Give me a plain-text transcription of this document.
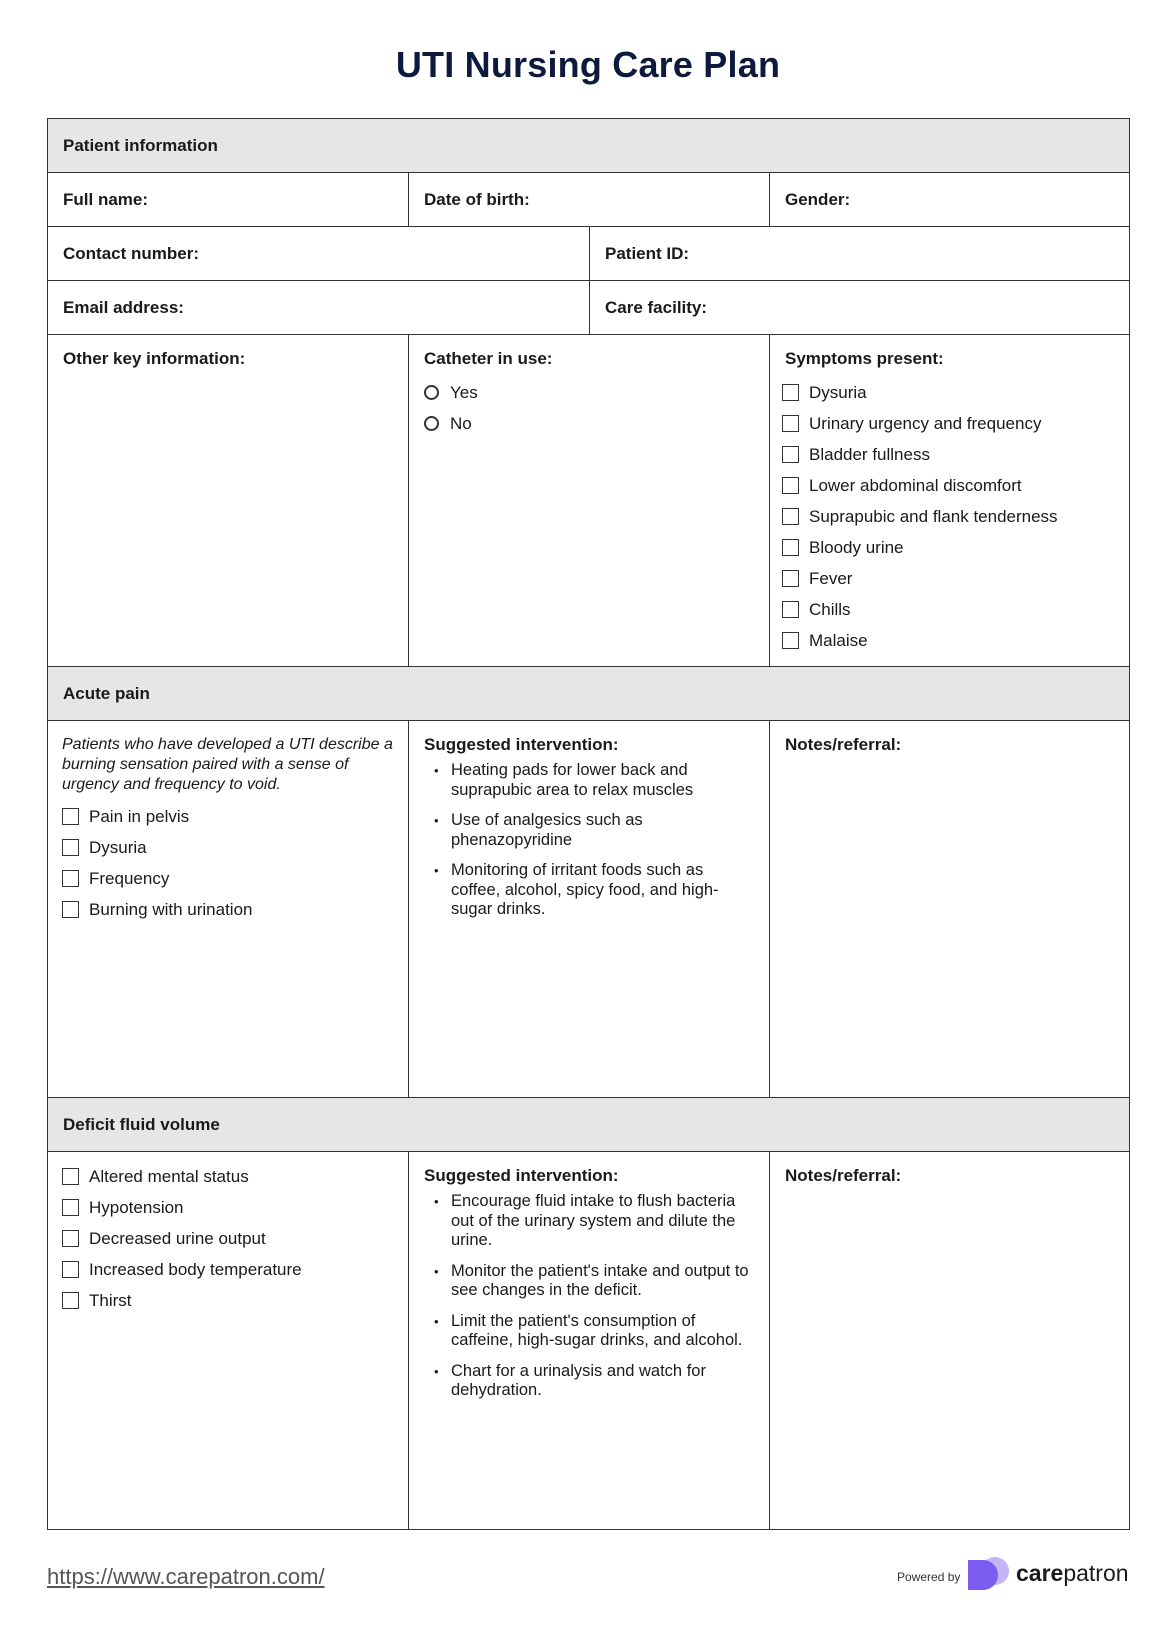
UTI Nursing Care Plan
Patient information
Full name:	Date of birth:	Gender:
Contact number:	Patient ID:
Email address:	Care facility:
Other key information:	Catheter in use:
Yes
No
Symptoms present:
Dysuria
Urinary urgency and frequency
Bladder fullness
Lower abdominal discomfort
Suprapubic and flank tenderness
Bloody urine
Fever
Chills
Malaise
Acute pain
Patients who have developed a UTI describe a burning sensation paired with a sense of urgency and frequency to void.
Pain in pelvis
Dysuria
Frequency
Burning with urination
Suggested intervention:
• Heating pads for lower back and suprapubic area to relax muscles
• Use of analgesics such as phenazopyridine
• Monitoring of irritant foods such as coffee, alcohol, spicy food, and high-sugar drinks.
Notes/referral:
Deficit fluid volume
Altered mental status
Hypotension
Decreased urine output
Increased body temperature
Thirst
Suggested intervention:
• Encourage fluid intake to flush bacteria out of the urinary system and dilute the urine.
• Monitor the patient's intake and output to see changes in the deficit.
• Limit the patient's consumption of caffeine, high-sugar drinks, and alcohol.
• Chart for a urinalysis and watch for dehydration.
Notes/referral:
https://www.carepatron.com/	Powered by carepatron
